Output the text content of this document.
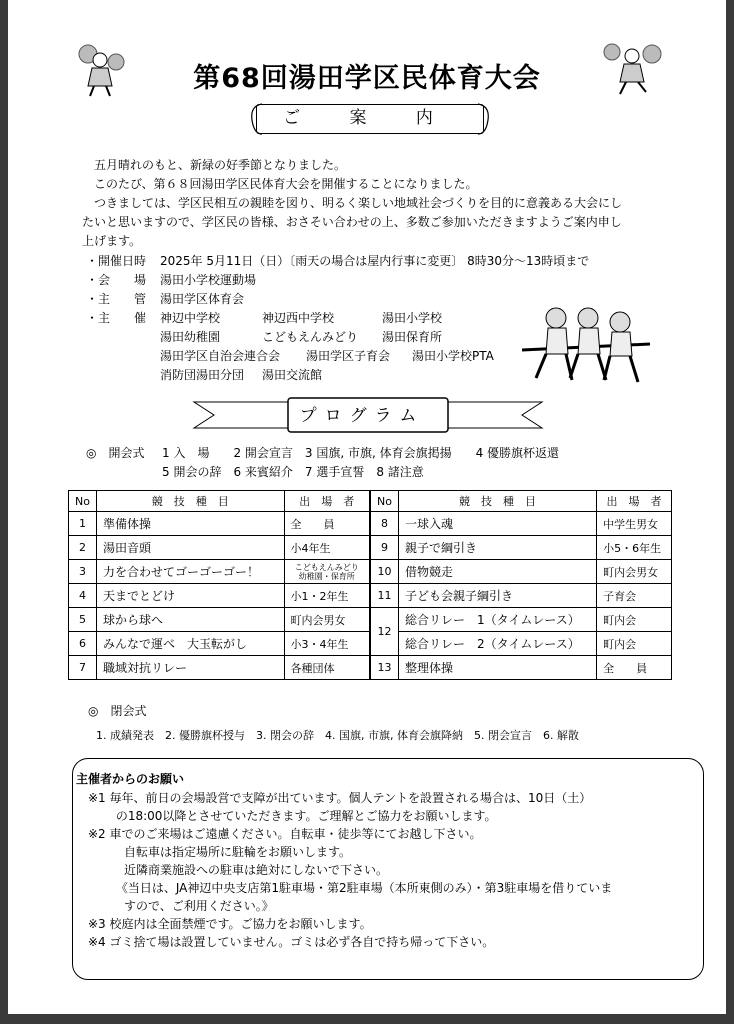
第68回湯田学区民体育大会
ご 案 内
五月晴れのもと、新緑の好季節となりました。
このたび、第６８回湯田学区民体育大会を開催することになりました。
つきましては、学区民相互の親睦を図り、明るく楽しい地域社会づくりを目的に意義ある大会にし
たいと思いますので、学区民の皆様、おさそい合わせの上、多数ご参加いただきますようご案内申し
上げます。
・開催日時 2025年 5月11日（日）〔雨天の場合は屋内行事に変更〕 8時30分～13時頃まで
・会　　場 湯田小学校運動場
・主　　管 湯田学区体育会
・主　　催 神辺中学校	神辺西中学校	湯田小学校
湯田幼稚園	こどもえんみどり 湯田保育所
湯田学区自治会連合会 湯田学区子育会 湯田小学校PTA
消防団湯田分団 湯田交流館
プログラム
◎　開会式 1 入　場　　2 開会宣言　3 国旗, 市旗, 体育会旗掲揚　　4 優勝旗杯返還
5 開会の辞　6 来賓紹介　7 選手宣誓　8 諸注意
No	競　技　種　目	出　場　者
1	準備体操	全　　員
2	湯田音頭	小4年生
3	力を合わせてゴーゴーゴー！	こどもえんみどり
幼稚園・保育所

4	天までとどけ	小1・2年生
5	球から球へ	町内会男女
6	みんなで運べ　大玉転がし	小3・4年生
7	職域対抗リレー	各種団体
No	競　技　種　目	出　場　者
8	一球入魂	中学生男女
9	親子で綱引き	小5・6年生
10	借物競走	町内会男女
11	子ども会親子綱引き	子育会
12	総合リレー　1（タイムレース）	町内会
	総合リレー　2（タイムレース）	町内会
13	整理体操	全　　員
◎　閉会式
1. 成績発表　2. 優勝旗杯授与　3. 閉会の辞　4. 国旗, 市旗, 体育会旗降納　5. 閉会宣言　6. 解散
主催者からのお願い
※1 毎年、前日の会場設営で支障が出ています。個人テントを設置される場合は、10日（土）
　　 の18:00以降とさせていただきます。ご理解とご協力をお願いします。
※2 車でのご来場はご遠慮ください。自転車・徒歩等にてお越し下さい。
　　　自転車は指定場所に駐輪をお願いします。
　　　近隣商業施設への駐車は絶対にしないで下さい。
　　 《当日は、JA神辺中央支店第1駐車場・第2駐車場（本所東側のみ）・第3駐車場を借りていま
　　　すので、ご利用ください。》
※3 校庭内は全面禁煙です。ご協力をお願いします。
※4 ゴミ捨て場は設置していません。ゴミは必ず各自で持ち帰って下さい。
